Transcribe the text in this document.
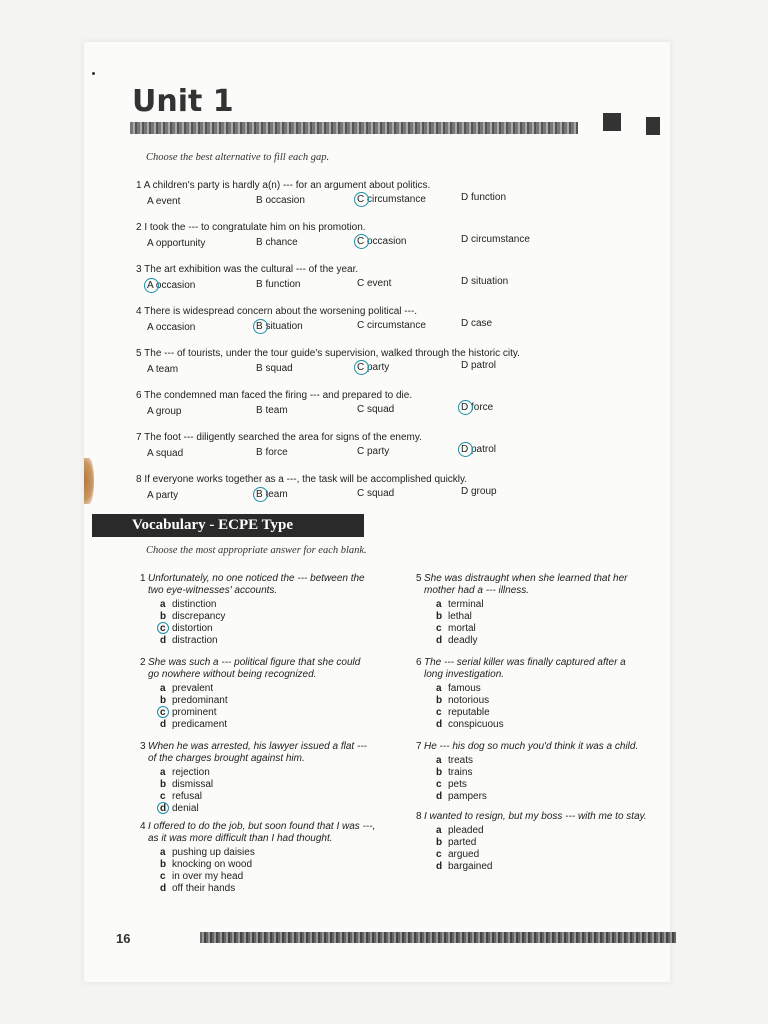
Unit 1
Choose the best alternative to fill each gap.
1 A children's party is hardly a(n) --- for an argument about politics.
A event	B occasion	C circumstance	D function
2 I took the --- to congratulate him on his promotion.
A opportunity	B chance	C occasion	D circumstance
3 The art exhibition was the cultural --- of the year.
A occasion	B function	C event	D situation
4 There is widespread concern about the worsening political ---.
A occasion	B situation	C circumstance	D case
5 The --- of tourists, under the tour guide's supervision, walked through the historic city.
A team	B squad	C party	D patrol
6 The condemned man faced the firing --- and prepared to die.
A group	B team	C squad	D force
7 The foot --- diligently searched the area for signs of the enemy.
A squad	B force	C party	D patrol
8 If everyone works together as a ---, the task will be accomplished quickly.
A party	B team	C squad	D group
Vocabulary - ECPE Type
Choose the most appropriate answer for each blank.
1 Unfortunately, no one noticed the --- between the
two eye-witnesses' accounts.
a distinction
b discrepancy
c distortion
d distraction
2 She was such a --- political figure that she could
go nowhere without being recognized.
a prevalent
b predominant
c prominent
d predicament
3 When he was arrested, his lawyer issued a flat ---
of the charges brought against him.
a rejection
b dismissal
c refusal
d denial
4 I offered to do the job, but soon found that I was ---,
as it was more difficult than I had thought.
a pushing up daisies
b knocking on wood
c in over my head
d off their hands
5 She was distraught when she learned that her
mother had a --- illness.
a terminal
b lethal
c mortal
d deadly
6 The --- serial killer was finally captured after a
long investigation.
a famous
b notorious
c reputable
d conspicuous
7 He --- his dog so much you'd think it was a child.
a treats
b trains
c pets
d pampers
8 I wanted to resign, but my boss --- with me to stay.
a pleaded
b parted
c argued
d bargained
16
